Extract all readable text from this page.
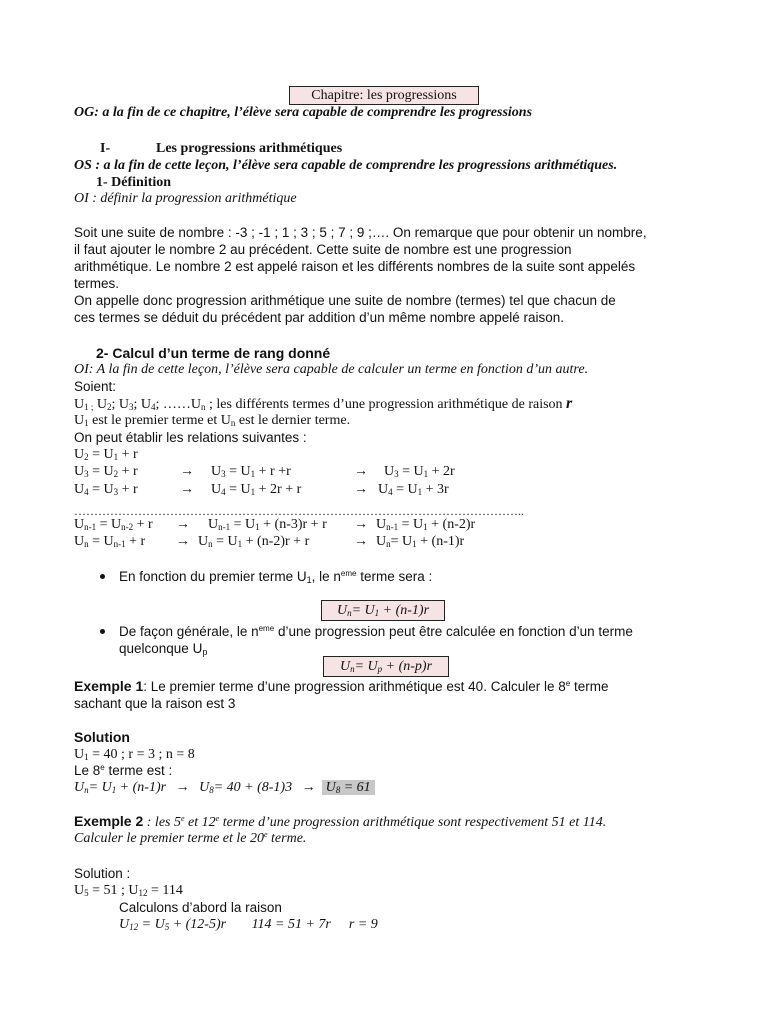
Chapitre: les progressions
OG: a la fin de ce chapitre, l’élève sera capable de comprendre les progressions
I-	Les progressions arithmétiques
OS : a la fin de cette leçon, l’élève sera capable de comprendre les progressions arithmétiques.
1- Définition
OI : définir la progression arithmétique
Soit une suite de nombre : -3 ; -1 ; 1 ; 3 ; 5 ; 7 ; 9 ;…. On remarque que pour obtenir un nombre,
il faut ajouter le nombre 2 au précédent. Cette suite de nombre est une progression
arithmétique. Le nombre 2 est appelé raison et les différents nombres de la suite sont appelés
termes.
On appelle donc progression arithmétique une suite de nombre (termes) tel que chacun de
ces termes se déduit du précédent par addition d’un même nombre appelé raison.
2- Calcul d’un terme de rang donné
OI: A la fin de cette leçon, l’élève sera capable de calculer un terme en fonction d’un autre.
Soient:
$U_{1 ;}$ $U_2$; $U_3$; $U_4$; $\dots\dots U_n$ ; les différents termes d’une progression arithmétique de raison r
$U_1$ est le premier terme et $U_n$ est le dernier terme.
On peut établir les relations suivantes :
$U_2 = U_1 + r$
$U_3 = U_2 + r$	→ $U_3 = U_1 + r +r$	→ $U_3 = U_1 + 2r$
$U_4 = U_3 + r$	→ $U_4 = U_1 + 2r + r$	→ $U_4 = U_1 + 3r$
…………………………………………………………………………………………………..
$U_{n-1} = U_{n-2} + r \to U_{n-1} = U_1 + (n-3)r + r \to U_{n-1} = U_1 + (n-2)r$
$U_n = U_{n-1} + r \to U_n = U_1 + (n-2)r + r$	→ $U_n= U_1 + (n-1)r$
En fonction du premier terme $U_1$, le $n^{eme}$ terme sera :
$U_n= U_1 + (n-1)r$
De façon générale, le $n^{eme}$ d’une progression peut être calculée en fonction d’un terme
quelconque $U_p$
$U_n= U_p + (n-p)r$
Exemple 1: Le premier terme d’une progression arithmétique est 40. Calculer le 8e terme
sachant que la raison est 3
Solution
$U_1 = 40$ ; r = 3 ; n = 8
Le 8e terme est :
$U_n= U_1 + (n-1)r \to U_8= 40 + (8-1)3 \to U_8 = 61$
Exemple 2 : les 5e et 12e terme d’une progression arithmétique sont respectivement 51 et 114.
Calculer le premier terme et le 20e terme.
Solution :
$U_5 = 51$ ; $U_{12} = 114$
Calculons d’abord la raison
$U_{12} = U_5 + (12-5)r$ 114 = 51 + 7r r = 9
